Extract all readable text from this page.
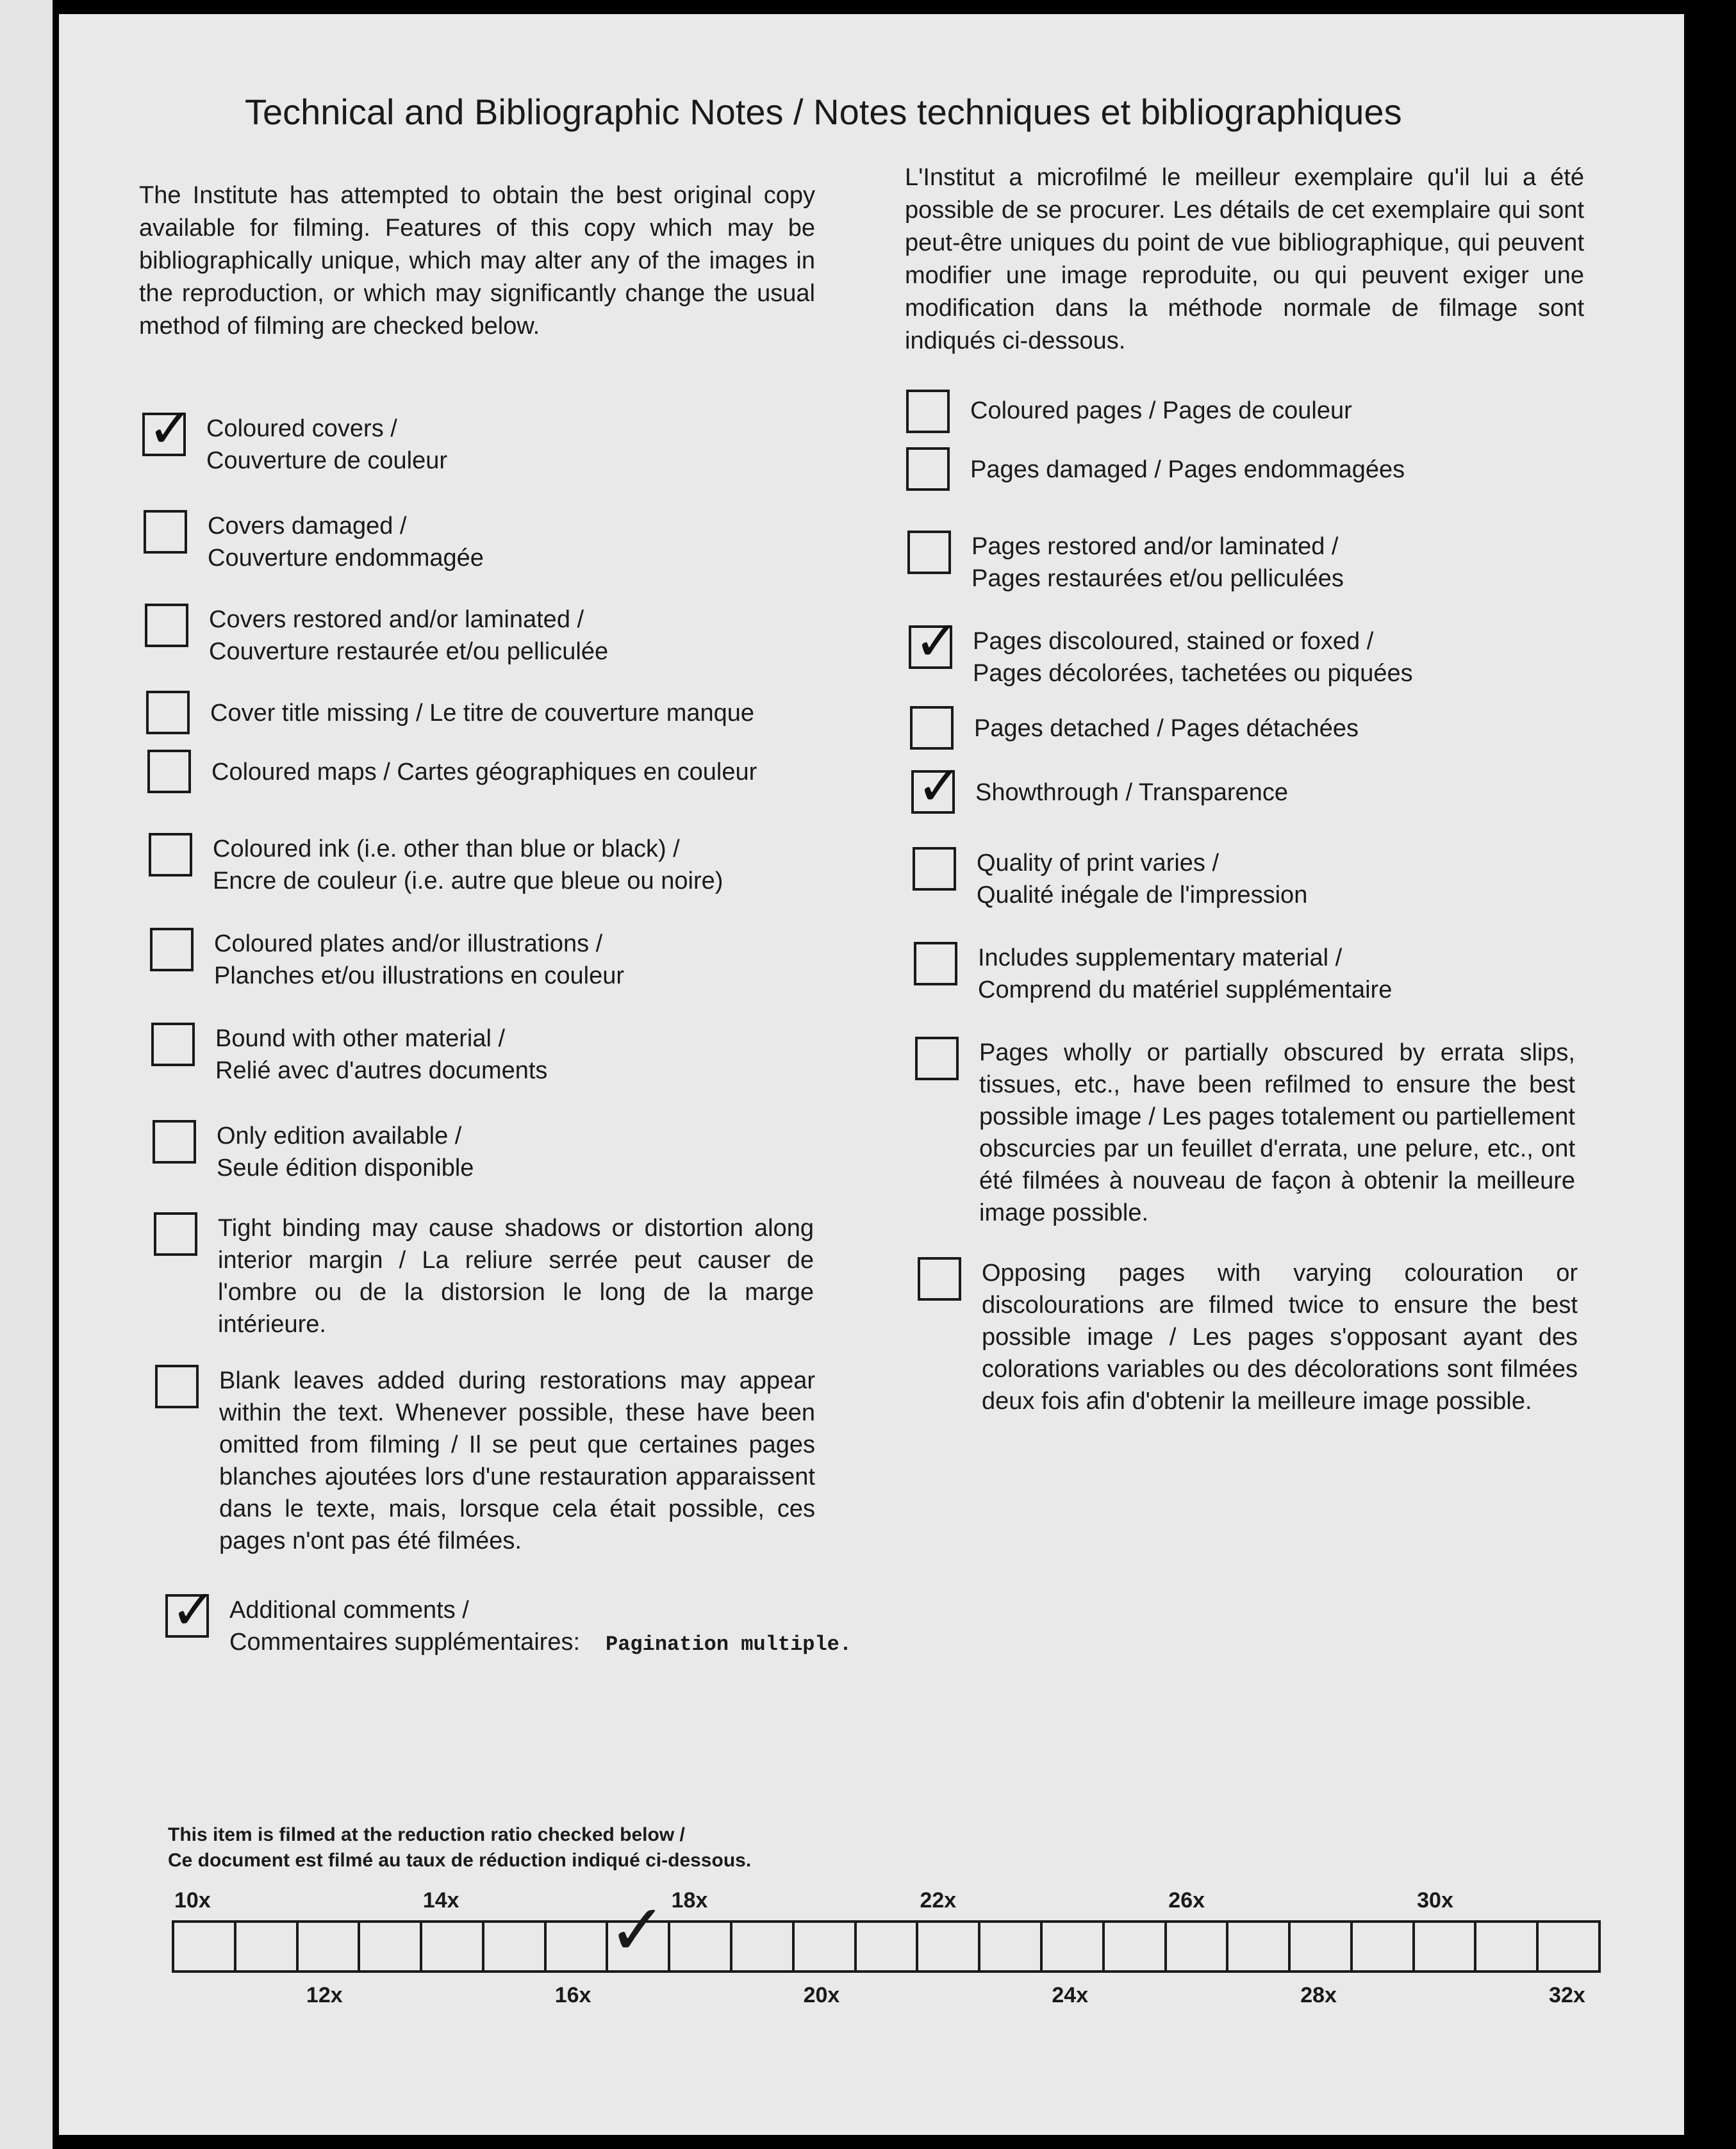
Technical and Bibliographic Notes / Notes techniques et bibliographiques
The Institute has attempted to obtain the best original copy available for filming. Features of this copy which may be bibliographically unique, which may alter any of the images in the reproduction, or which may significantly change the usual method of filming are checked below.
L'Institut a microfilmé le meilleur exemplaire qu'il lui a été possible de se procurer. Les détails de cet exemplaire qui sont peut-être uniques du point de vue bibliographique, qui peuvent modifier une image reproduite, ou qui peuvent exiger une modification dans la méthode normale de filmage sont indiqués ci-dessous.
✓ Coloured covers /
Couverture de couleur
Covers damaged /
Couverture endommagée
Covers restored and/or laminated /
Couverture restaurée et/ou pelliculée
Cover title missing / Le titre de couverture manque
Coloured maps / Cartes géographiques en couleur
Coloured ink (i.e. other than blue or black) /
Encre de couleur (i.e. autre que bleue ou noire)
Coloured plates and/or illustrations /
Planches et/ou illustrations en couleur
Bound with other material /
Relié avec d'autres documents
Only edition available /
Seule édition disponible
Tight binding may cause shadows or distortion along interior margin / La reliure serrée peut causer de l'ombre ou de la distorsion le long de la marge intérieure.
Blank leaves added during restorations may appear within the text. Whenever possible, these have been omitted from filming / Il se peut que certaines pages blanches ajoutées lors d'une restauration apparaissent dans le texte, mais, lorsque cela était possible, ces pages n'ont pas été filmées.
✓ Additional comments /
Commentaires supplémentaires: Pagination multiple.
Coloured pages / Pages de couleur
Pages damaged / Pages endommagées
Pages restored and/or laminated /
Pages restaurées et/ou pelliculées
✓ Pages discoloured, stained or foxed /
Pages décolorées, tachetées ou piquées
Pages detached / Pages détachées
✓ Showthrough / Transparence
Quality of print varies /
Qualité inégale de l'impression
Includes supplementary material /
Comprend du matériel supplémentaire
Pages wholly or partially obscured by errata slips, tissues, etc., have been refilmed to ensure the best possible image / Les pages totalement ou partiellement obscurcies par un feuillet d'errata, une pelure, etc., ont été filmées à nouveau de façon à obtenir la meilleure image possible.
Opposing pages with varying colouration or discolourations are filmed twice to ensure the best possible image / Les pages s'opposant ayant des colorations variables ou des décolorations sont filmées deux fois afin d'obtenir la meilleure image possible.
This item is filmed at the reduction ratio checked below /
Ce document est filmé au taux de réduction indiqué ci-dessous.
10x	14x	18x	22x	26x	30x
12x	16x	20x	24x	28x	32x
✓
